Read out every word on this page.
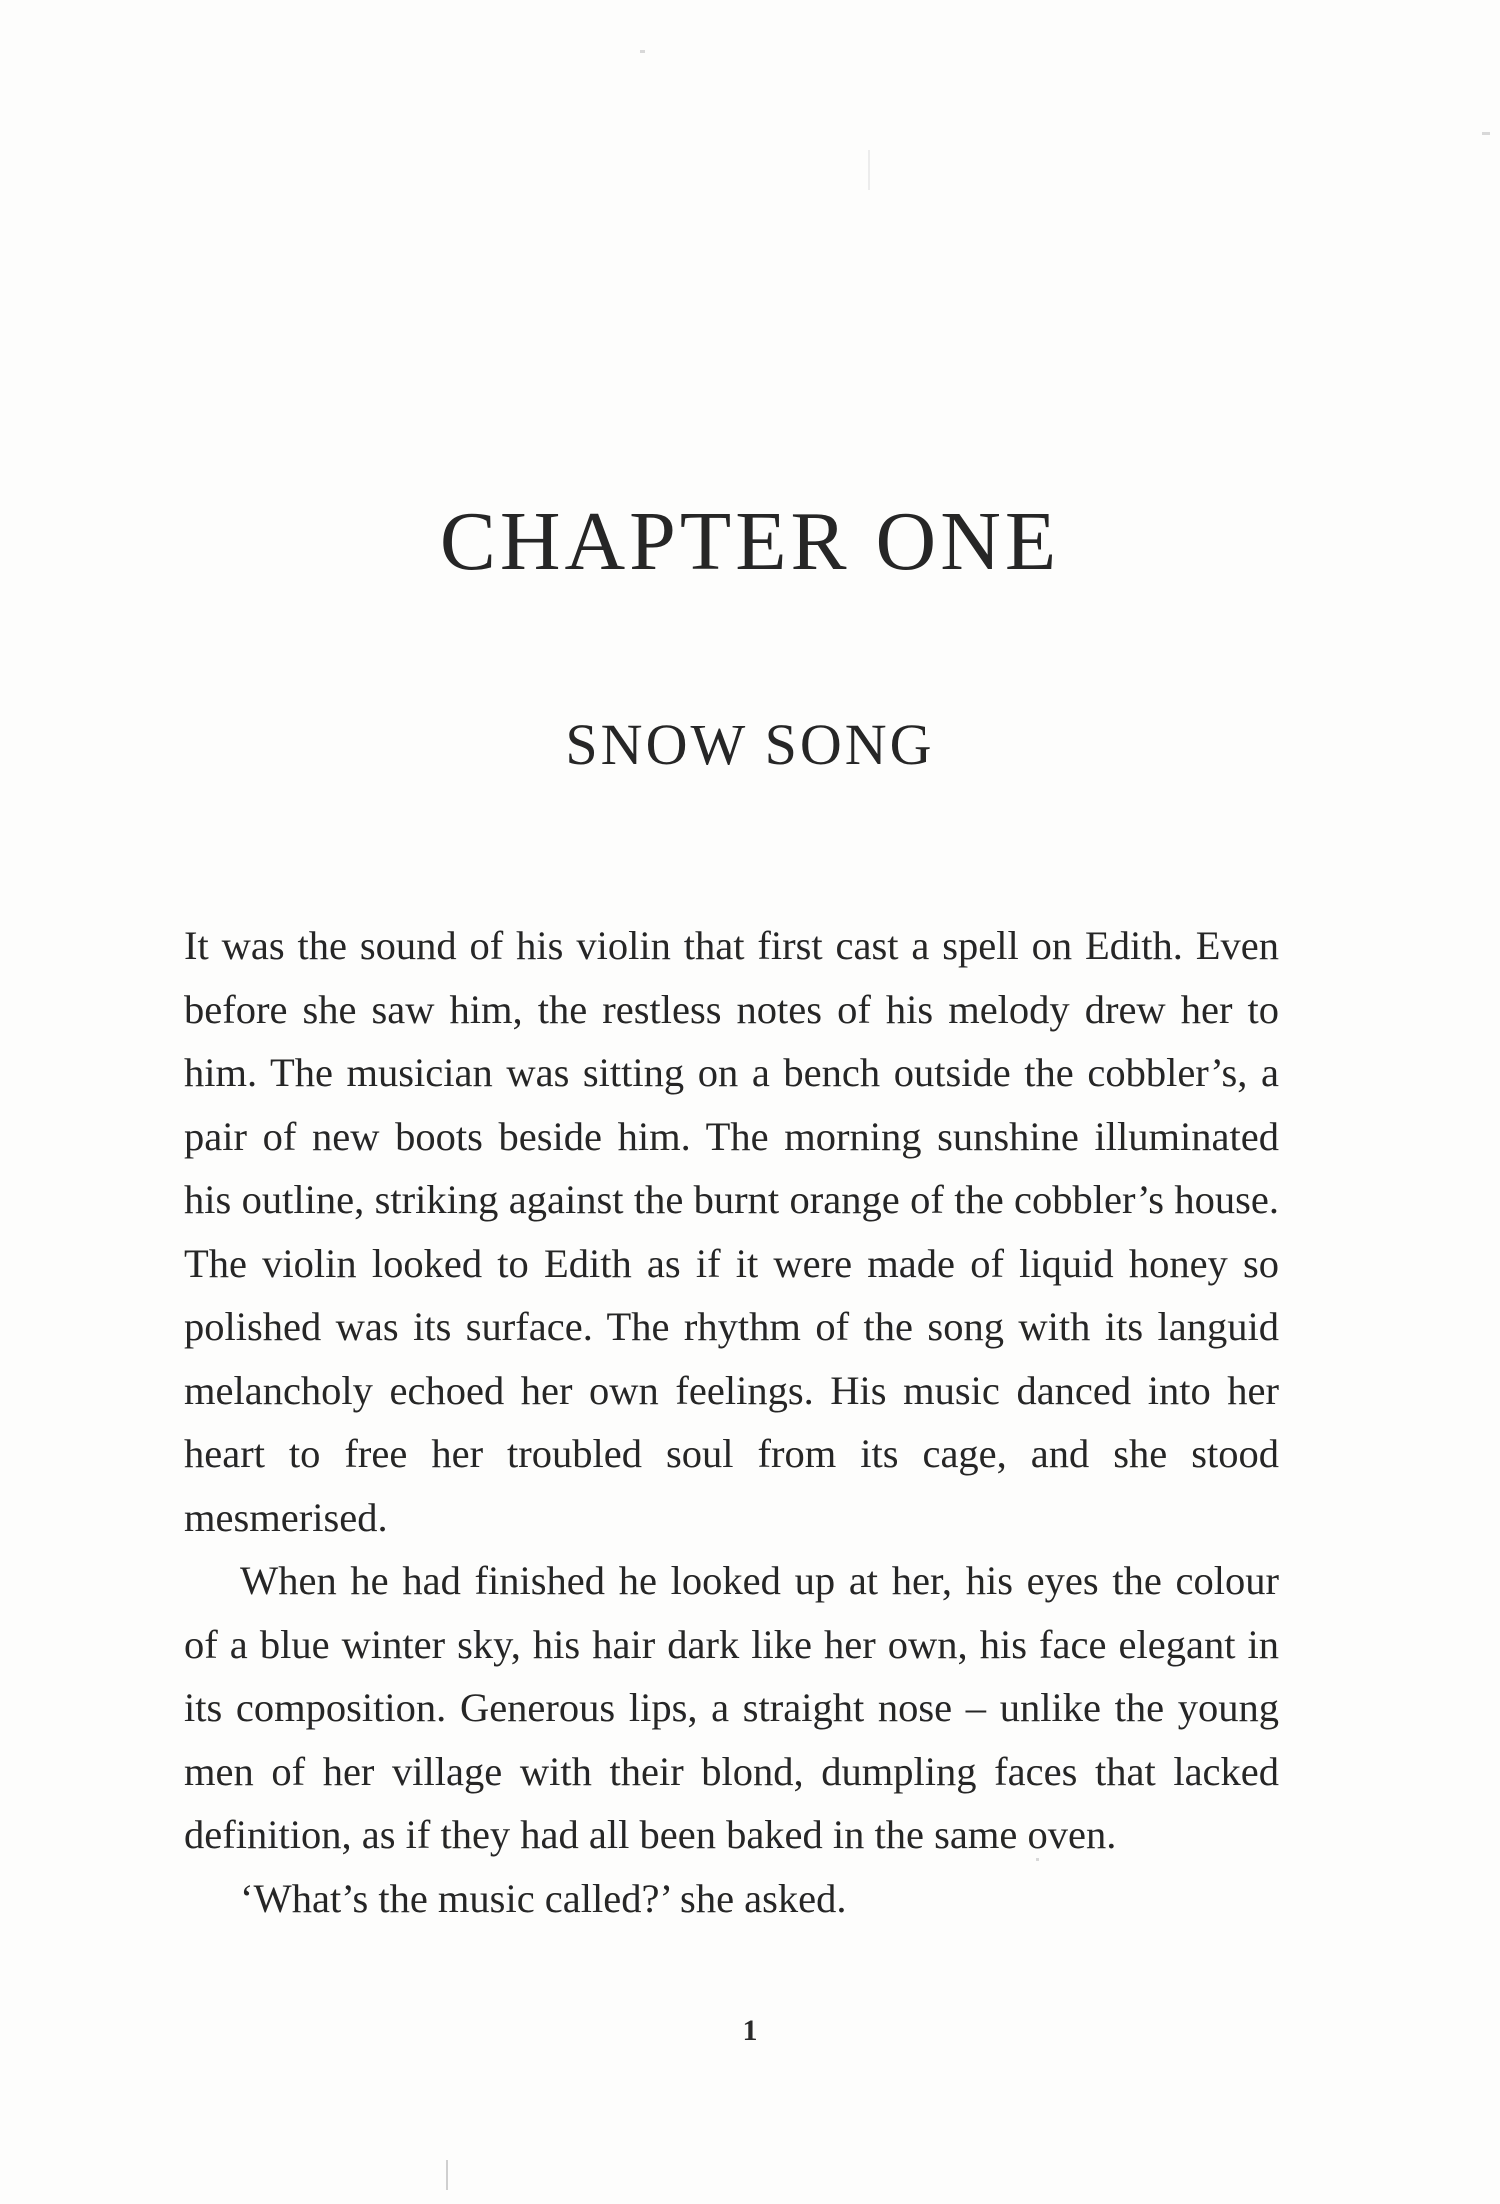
CHAPTER ONE
SNOW SONG

It was the sound of his violin that first cast a spell on Edith. Even before she saw him, the restless notes of his melody drew her to him. The musician was sitting on a bench outside the cobbler’s, a pair of new boots beside him. The morning sunshine illuminated his outline, striking against the burnt orange of the cobbler’s house. The violin looked to Edith as if it were made of liquid honey so polished was its surface. The rhythm of the song with its languid melancholy echoed her own feelings. His music danced into her heart to free her troubled soul from its cage, and she stood mesmerised.

When he had finished he looked up at her, his eyes the colour of a blue winter sky, his hair dark like her own, his face elegant in its composition. Generous lips, a straight nose – unlike the young men of her village with their blond, dumpling faces that lacked definition, as if they had all been baked in the same oven.

‘What’s the music called?’ she asked.

1
